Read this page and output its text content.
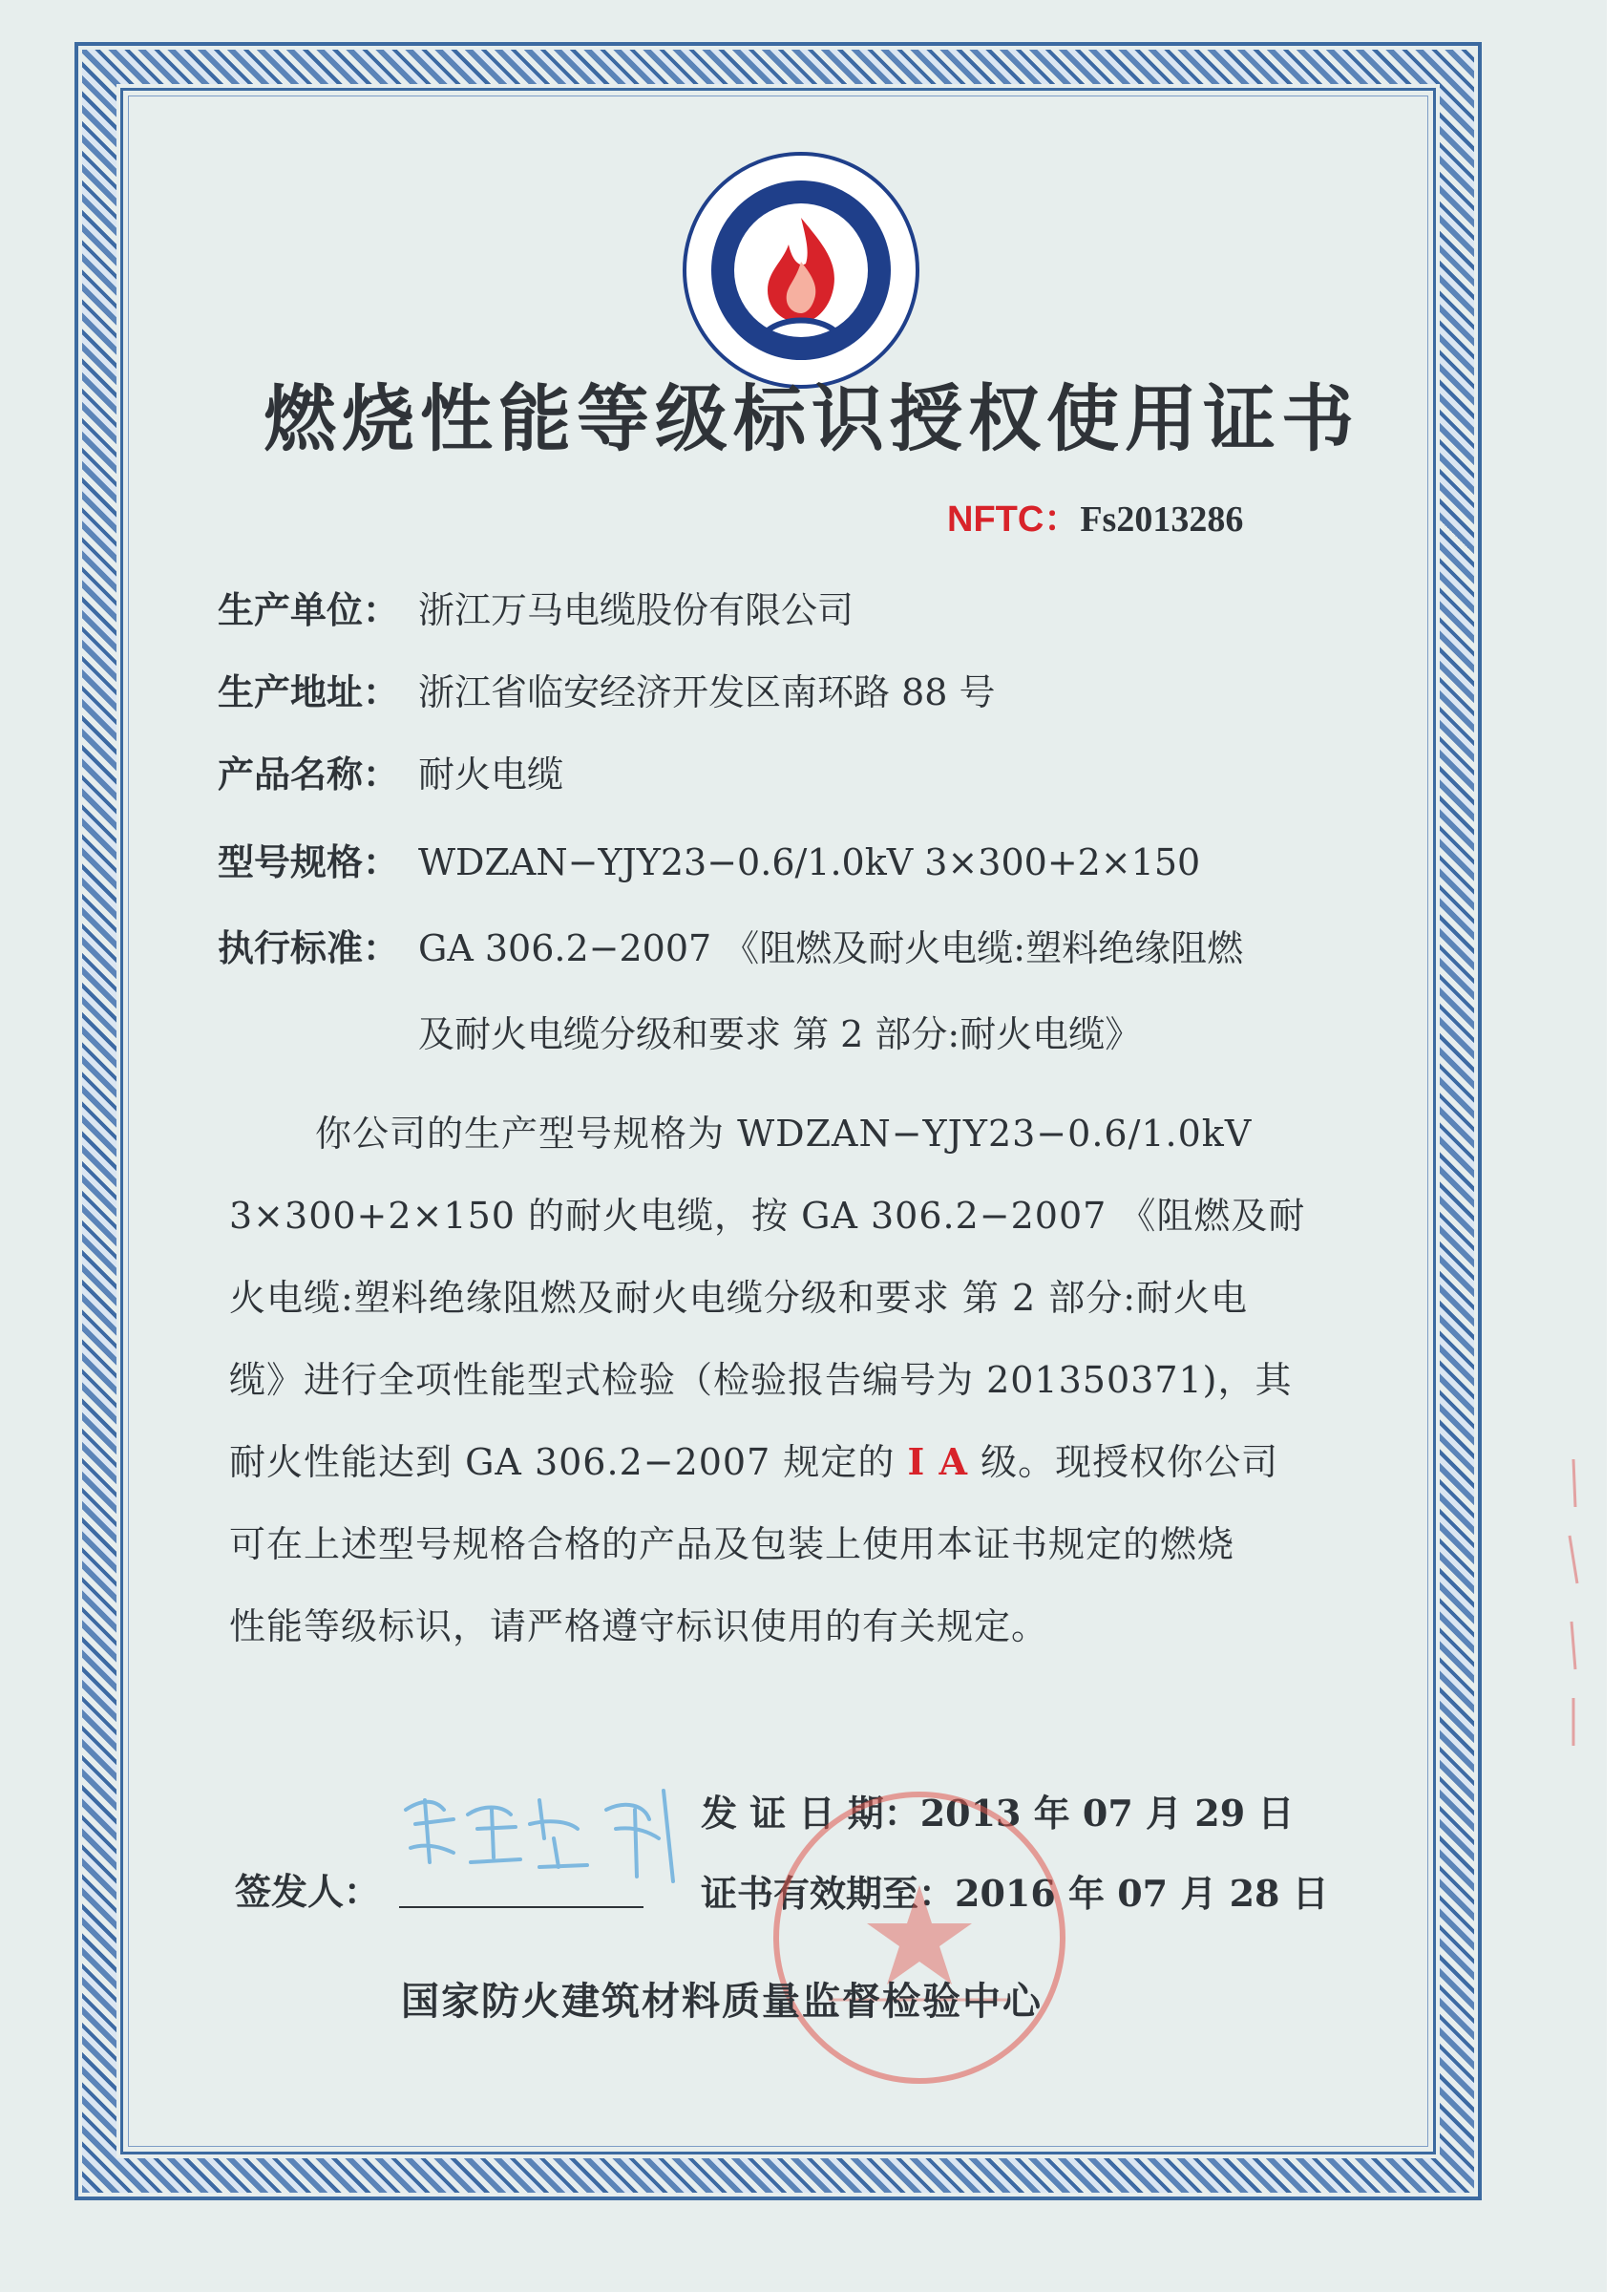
燃烧性能等级标识授权使用证书
NFTC：Fs2013286
生产单位： 浙江万马电缆股份有限公司
生产地址： 浙江省临安经济开发区南环路 88 号
产品名称： 耐火电缆
型号规格： WDZAN−YJY23−0.6/1.0kV 3×300+2×150
执行标准： GA 306.2−2007 《阻燃及耐火电缆:塑料绝缘阻燃
及耐火电缆分级和要求 第 2 部分:耐火电缆》
你公司的生产型号规格为 WDZAN−YJY23−0.6/1.0kV
3×300+2×150 的耐火电缆，按 GA 306.2−2007 《阻燃及耐
火电缆:塑料绝缘阻燃及耐火电缆分级和要求 第 2 部分:耐火电
缆》进行全项性能型式检验（检验报告编号为 201350371)，其
耐火性能达到 GA 306.2−2007 规定的 I A 级。现授权你公司
可在上述型号规格合格的产品及包装上使用本证书规定的燃烧
性能等级标识，请严格遵守标识使用的有关规定。
发 证 日 期：2013 年 07 月 29 日
证书有效期至：2016 年 07 月 28 日
签发人：
国家防火建筑材料质量监督检验中心
